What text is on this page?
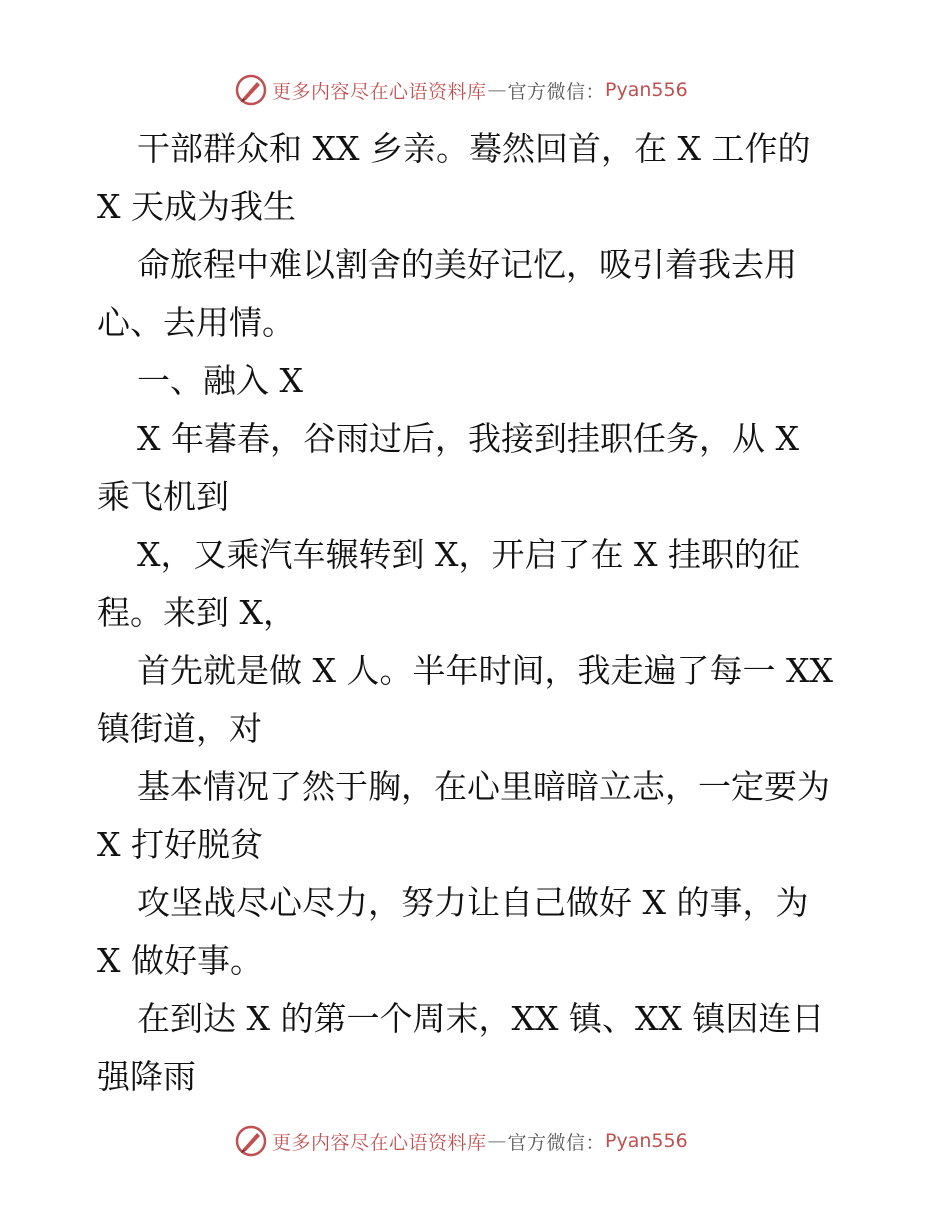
更多内容尽在心语资料库 — 官方微信： Pyan556

干部群众和 XX 乡亲。蓦然回首，在 X 工作的
X 天成为我生

命旅程中难以割舍的美好记忆，吸引着我去用
心、去用情。

一、融入 X

X 年暮春，谷雨过后，我接到挂职任务，从 X
乘飞机到

X，又乘汽车辗转到 X，开启了在 X 挂职的征
程。来到 X，

首先就是做 X 人。半年时间，我走遍了每一 XX
镇街道，对

基本情况了然于胸，在心里暗暗立志，一定要为
X 打好脱贫

攻坚战尽心尽力，努力让自己做好 X 的事，为
X 做好事。

在到达 X 的第一个周末，XX 镇、XX 镇因连日
强降雨

更多内容尽在心语资料库 — 官方微信： Pyan556
